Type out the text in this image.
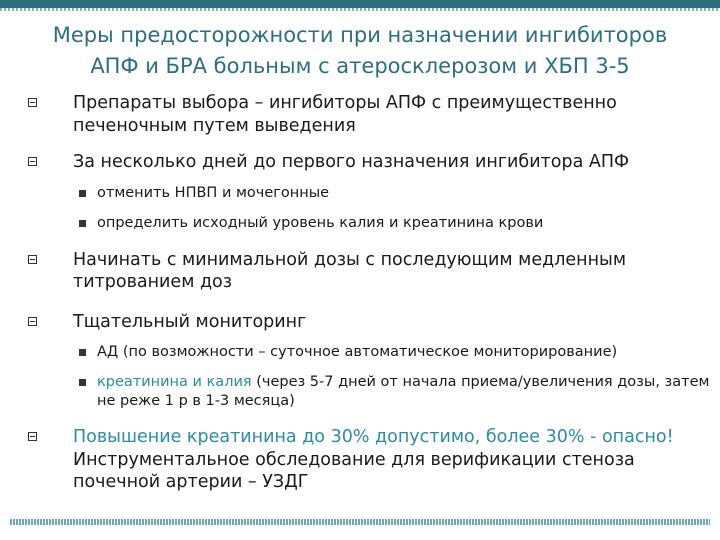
Меры предосторожности при назначении ингибиторов
АПФ и БРА больным с атеросклерозом и ХБП 3-5
Препараты выбора – ингибиторы АПФ с преимущественно печеночным путем выведения
За несколько дней до первого назначения ингибитора АПФ
отменить НПВП и мочегонные
определить исходный уровень калия и креатинина крови
Начинать с минимальной дозы с последующим медленным титрованием доз
Тщательный мониторинг
АД (по возможности – суточное автоматическое мониторирование)
креатинина и калия (через 5-7 дней от начала приема/увеличения дозы, затем не реже 1 р в 1-3 месяца)
Повышение креатинина до 30% допустимо, более 30% - опасно! Инструментальное обследование для верификации стеноза почечной артерии – УЗДГ
